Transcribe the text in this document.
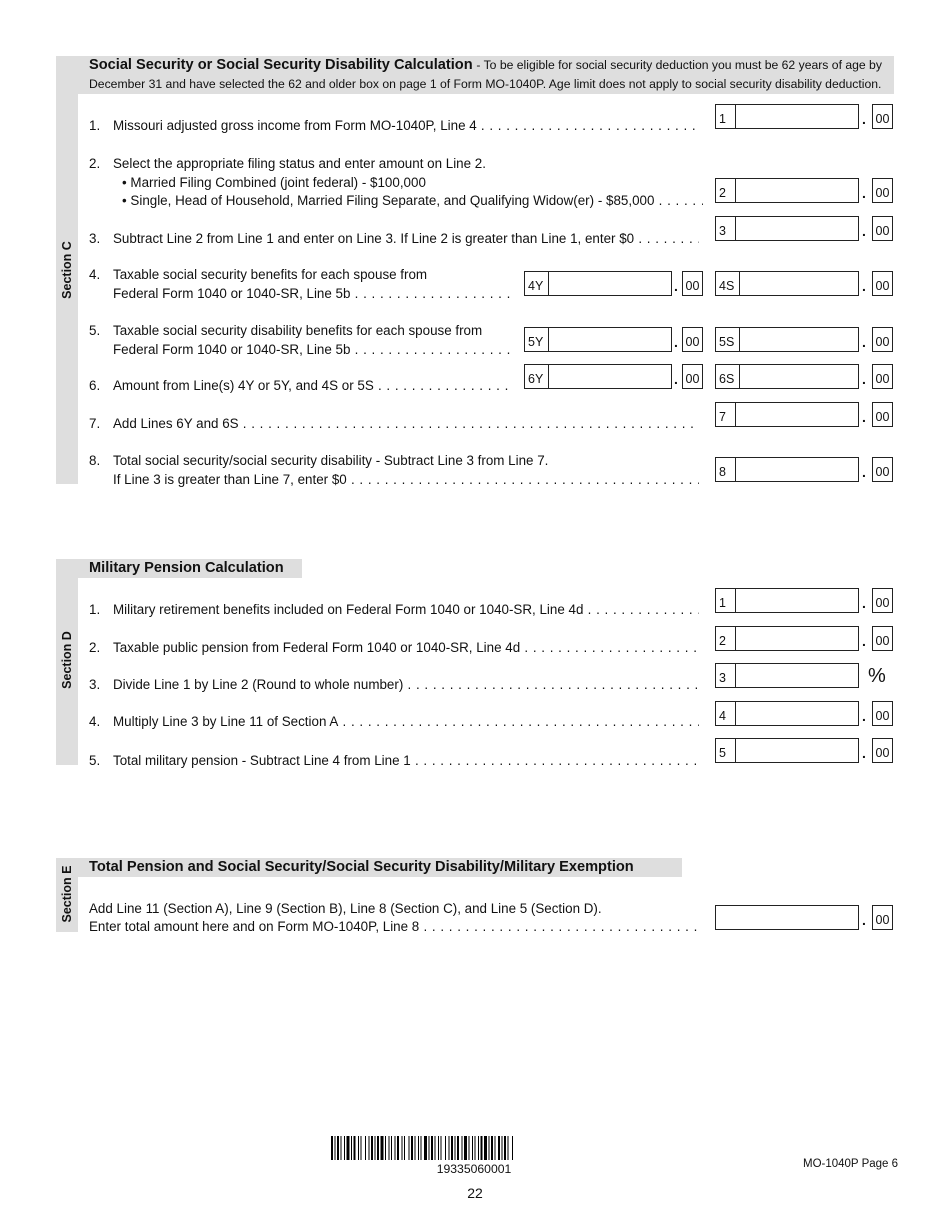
Section C
Social Security or Social Security Disability Calculation - To be eligible for social security deduction you must be 62 years of age by
December 31 and have selected the 62 and older box on page 1 of Form MO-1040P. Age limit does not apply to social security disability deduction.
1. Missouri adjusted gross income from Form MO-1040P, Line 4 . . .	1	. 00
2. Select the appropriate filing status and enter amount on Line 2.
• Married Filing Combined (joint federal) - $100,000
• Single, Head of Household, Married Filing Separate, and Qualifying Widow(er) - $85,000 . . .	2	. 00
3. Subtract Line 2 from Line 1 and enter on Line 3. If Line 2 is greater than Line 1, enter $0 . . .	3	. 00
4. Taxable social security benefits for each spouse from
Federal Form 1040 or 1040-SR, Line 5b . . .	4Y	. 00 4S	. 00
5. Taxable social security disability benefits for each spouse from
Federal Form 1040 or 1040-SR, Line 5b . . .	5Y	. 00 5S	. 00
6. Amount from Line(s) 4Y or 5Y, and 4S or 5S . . .	6Y	. 00 6S	. 00
7. Add Lines 6Y and 6S . . .	7	. 00
8. Total social security/social security disability - Subtract Line 3 from Line 7.
If Line 3 is greater than Line 7, enter $0 . . .	8	. 00
Section D
Military Pension Calculation
1. Military retirement benefits included on Federal Form 1040 or 1040-SR, Line 4d . . .	1	. 00
2. Taxable public pension from Federal Form 1040 or 1040-SR, Line 4d . . .	2	. 00
3. Divide Line 1 by Line 2 (Round to whole number) . . .	3	%
4. Multiply Line 3 by Line 11 of Section A . . .	4	. 00
5. Total military pension - Subtract Line 4 from Line 1 . . .	5	. 00
Section E Total Pension and Social Security/Social Security Disability/Military Exemption
Add Line 11 (Section A), Line 9 (Section B), Line 8 (Section C), and Line 5 (Section D).
Enter total amount here and on Form MO-1040P, Line 8 . . .	. 00
19335060001	MO-1040P Page 6
22
